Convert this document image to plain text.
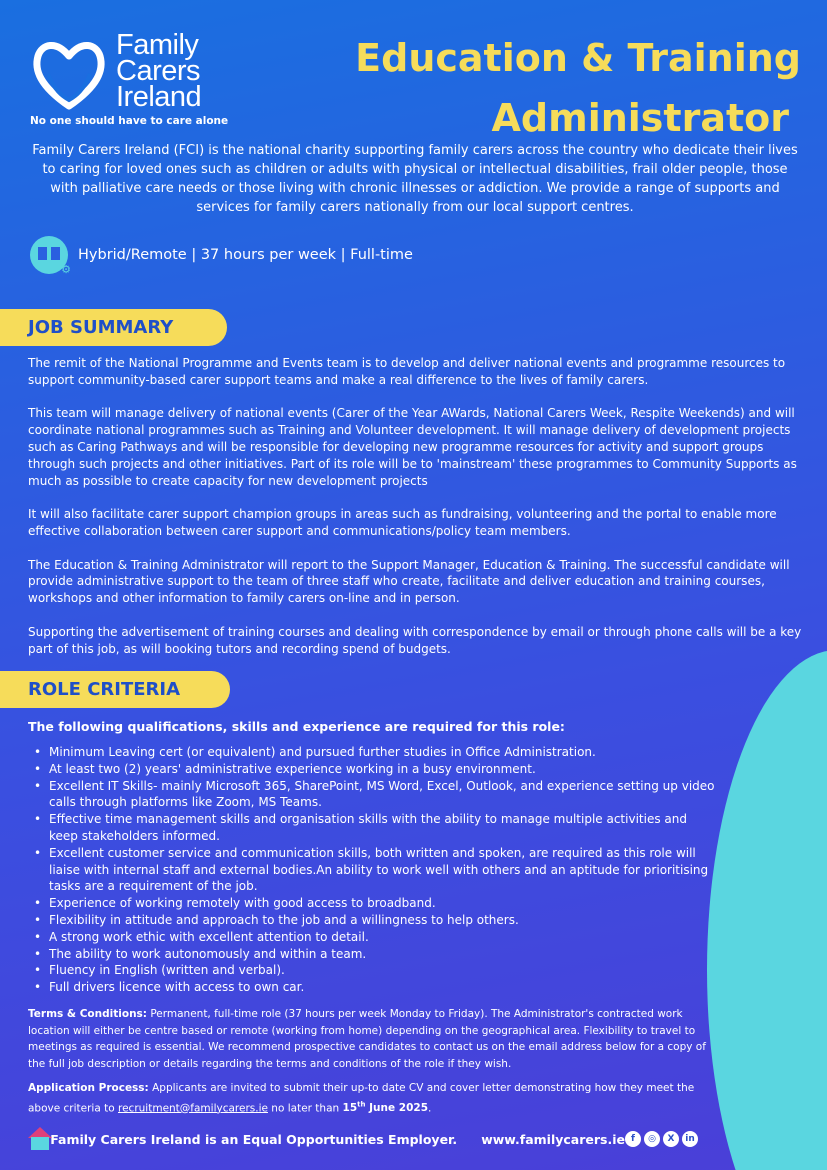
Family
Carers
Ireland
No one should have to care alone
Education & Training
Administrator

Family Carers Ireland (FCI) is the national charity supporting family carers across the country who dedicate their lives to caring for loved ones such as children or adults with physical or intellectual disabilities, frail older people, those with palliative care needs or those living with chronic illnesses or addiction. We provide a range of supports and services for family carers nationally from our local support centres.

⚙
Hybrid/Remote | 37 hours per week | Full-time
JOB SUMMARY

The remit of the National Programme and Events team is to develop and deliver national events and programme resources to support community-based carer support teams and make a real difference to the lives of family carers.

This team will manage delivery of national events (Carer of the Year AWards, National Carers Week, Respite Weekends) and will coordinate national programmes such as Training and Volunteer development. It will manage delivery of development projects such as Caring Pathways and will be responsible for developing new programme resources for activity and support groups through such projects and other initiatives. Part of its role will be to 'mainstream' these programmes to Community Supports as much as possible to create capacity for new development projects

It will also facilitate carer support champion groups in areas such as fundraising, volunteering and the portal to enable more effective collaboration between carer support and communications/policy team members.

The Education & Training Administrator will report to the Support Manager, Education & Training. The successful candidate will provide administrative support to the team of three staff who create, facilitate and deliver education and training courses, workshops and other information to family carers on-line and in person.

Supporting the advertisement of training courses and dealing with correspondence by email or through phone calls will be a key part of this job, as will booking tutors and recording spend of budgets.

ROLE CRITERIA
The following qualifications, skills and experience are required for this role:
• Minimum Leaving cert (or equivalent) and pursued further studies in Office Administration.
• At least two (2) years' administrative experience working in a busy environment.
• Excellent IT Skills- mainly Microsoft 365, SharePoint, MS Word, Excel, Outlook, and experience setting up video calls through platforms like Zoom, MS Teams.
• Effective time management skills and organisation skills with the ability to manage multiple activities and keep stakeholders informed.
• Excellent customer service and communication skills, both written and spoken, are required as this role will liaise with internal staff and external bodies.An ability to work well with others and an aptitude for prioritising tasks are a requirement of the job.
• Experience of working remotely with good access to broadband.
• Flexibility in attitude and approach to the job and a willingness to help others.
• A strong work ethic with excellent attention to detail.
• The ability to work autonomously and within a team.
• Fluency in English (written and verbal).
• Full drivers licence with access to own car.

Terms & Conditions: Permanent, full-time role (37 hours per week Monday to Friday). The Administrator's contracted work location will either be centre based or remote (working from home) depending on the geographical area. Flexibility to travel to meetings as required is essential. We recommend prospective candidates to contact us on the email address below for a copy of the full job description or details regarding the terms and conditions of the role if they wish.

Application Process: Applicants are invited to submit their up-to date CV and cover letter demonstrating how they meet the above criteria to recruitment@familycarers.ie no later than 15th June 2025.

Family Carers Ireland is an Equal Opportunities Employer. www.familycarers.ie f	◎	X	in
